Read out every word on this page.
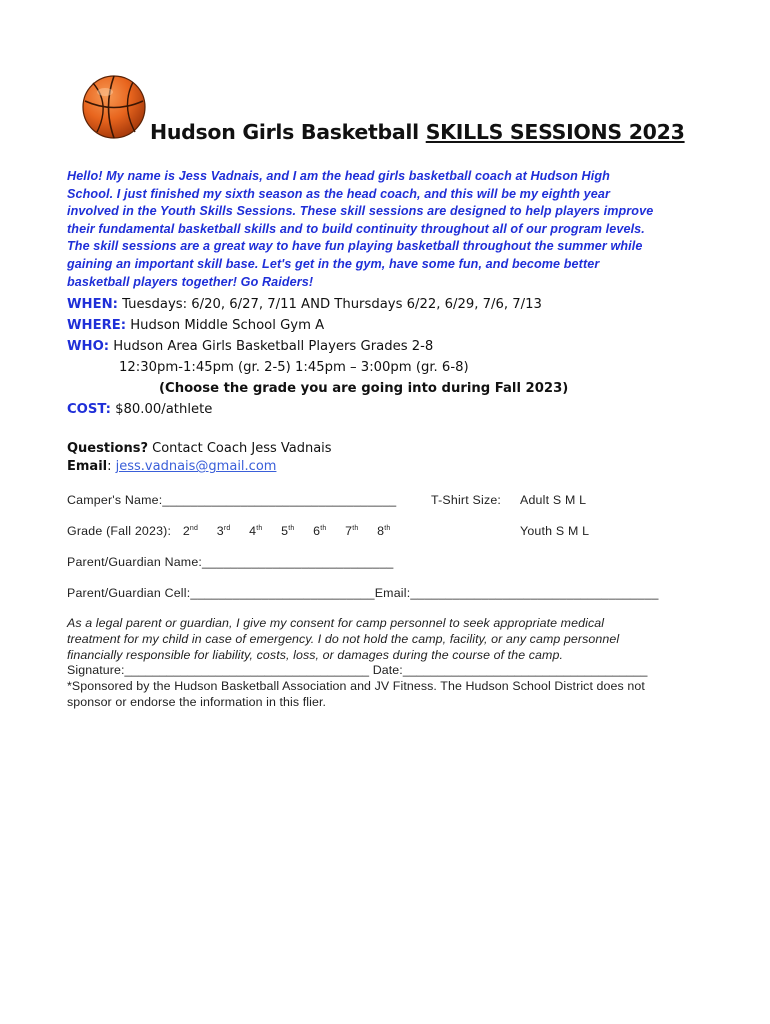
Hudson Girls Basketball SKILLS SESSIONS 2023
Hello! My name is Jess Vadnais, and I am the head girls basketball coach at Hudson High
School. I just finished my sixth season as the head coach, and this will be my eighth year
involved in the Youth Skills Sessions. These skill sessions are designed to help players improve
their fundamental basketball skills and to build continuity throughout all of our program levels.
The skill sessions are a great way to have fun playing basketball throughout the summer while
gaining an important skill base. Let's get in the gym, have some fun, and become better
basketball players together! Go Raiders!
WHEN: Tuesdays: 6/20, 6/27, 7/11 AND Thursdays 6/22, 6/29, 7/6, 7/13
WHERE: Hudson Middle School Gym A
WHO: Hudson Area Girls Basketball Players Grades 2-8
12:30pm-1:45pm (gr. 2-5) 1:45pm – 3:00pm (gr. 6-8)
(Choose the grade you are going into during Fall 2023)
COST: $80.00/athlete
Questions? Contact Coach Jess Vadnais
Email: jess.vadnais@gmail.com
Camper's Name:_________________________________	T-Shirt Size: Adult S M L
Grade (Fall 2023): 2nd 3rd 4th 5th 6th 7th 8th	Youth S M L
Parent/Guardian Name:___________________________
Parent/Guardian Cell:__________________________Email:___________________________________
As a legal parent or guardian, I give my consent for camp personnel to seek appropriate medical
treatment for my child in case of emergency. I do not hold the camp, facility, or any camp personnel
financially responsible for liability, costs, loss, or damages during the course of the camp.
Signature:___________________________________ Date:___________________________________
*Sponsored by the Hudson Basketball Association and JV Fitness. The Hudson School District does not
sponsor or endorse the information in this flier.
